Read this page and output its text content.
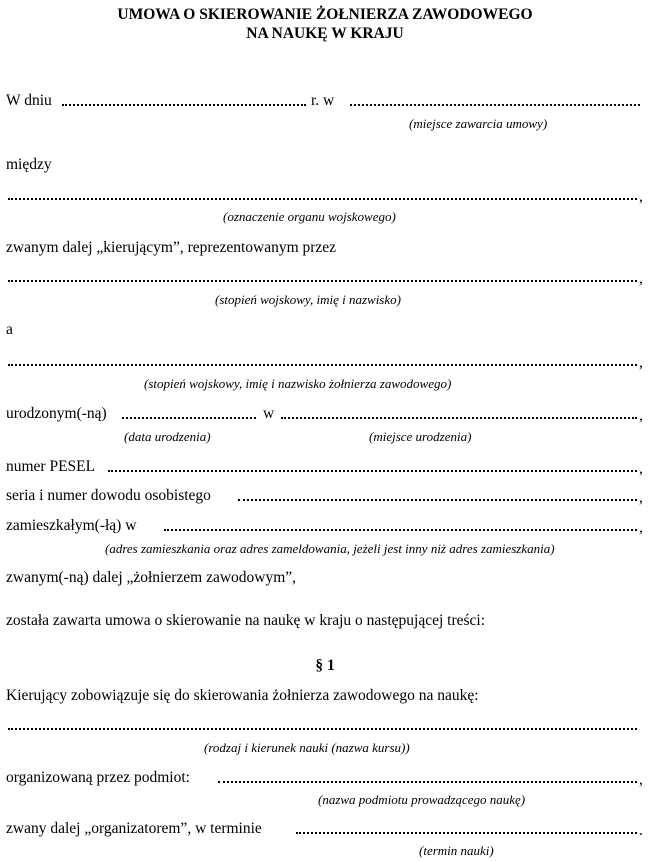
UMOWA O SKIEROWANIE ŻOŁNIERZA ZAWODOWEGO
NA NAUKĘ W KRAJU
W dniu	r. w
(miejsce zawarcia umowy)
między
,
(oznaczenie organu wojskowego)
zwanym dalej „kierującym”, reprezentowanym przez
,
(stopień wojskowy, imię i nazwisko)
a
,
(stopień wojskowy, imię i nazwisko żołnierza zawodowego)
urodzonym(-ną)	w	,
(data urodzenia)	(miejsce urodzenia)
numer PESEL	,
seria i numer dowodu osobistego	,
zamieszkałym(-łą) w	,
(adres zamieszkania oraz adres zameldowania, jeżeli jest inny niż adres zamieszkania)
zwanym(-ną) dalej „żołnierzem zawodowym”,
została zawarta umowa o skierowanie na naukę w kraju o następującej treści:
§ 1
Kierujący zobowiązuje się do skierowania żołnierza zawodowego na naukę:
(rodzaj i kierunek nauki (nazwa kursu))
organizowaną przez podmiot:	,
(nazwa podmiotu prowadzącego naukę)
zwany dalej „organizatorem”, w terminie	.
(termin nauki)
